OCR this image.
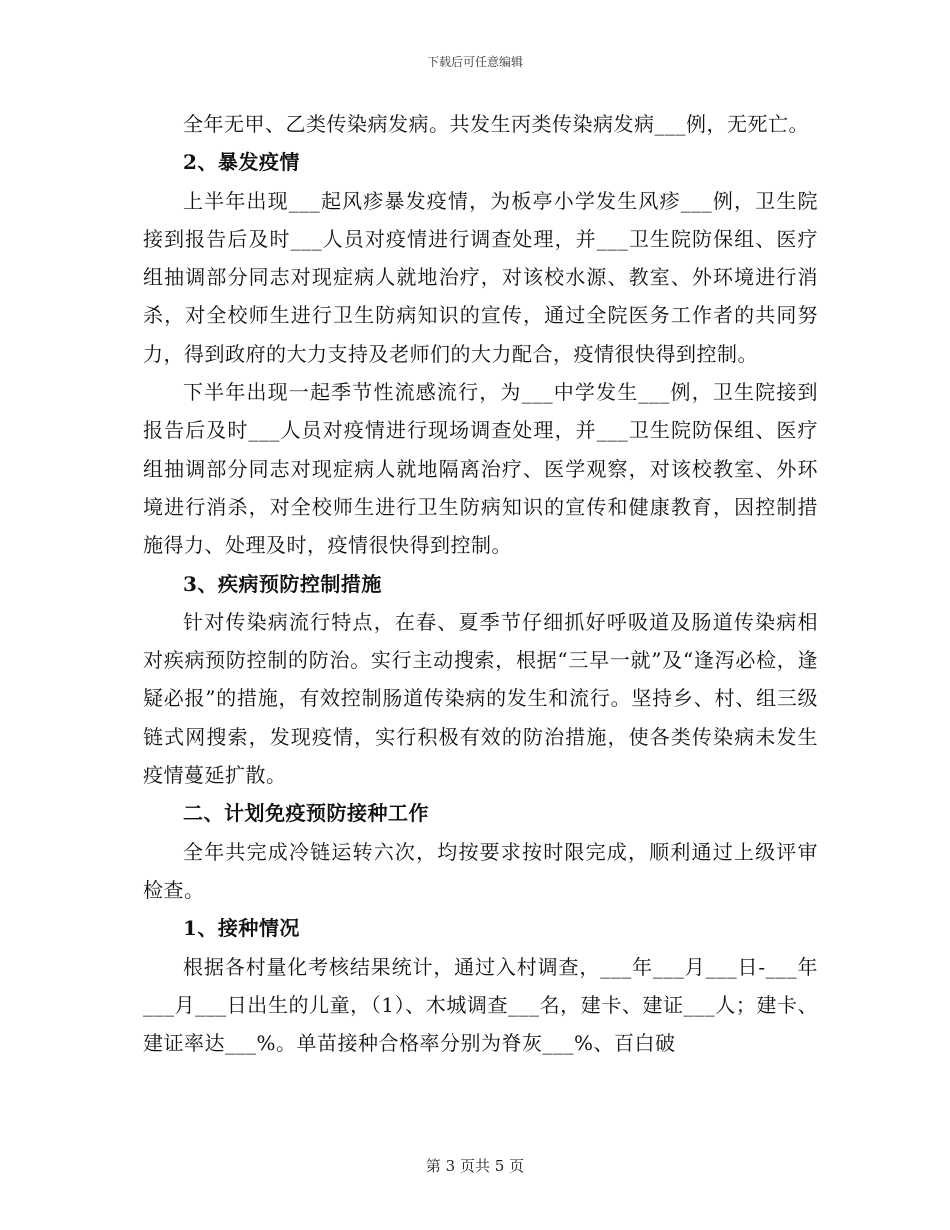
下载后可任意编辑

全年无甲、乙类传染病发病。共发生丙类传染病发病___例，无死亡。

2、暴发疫情

上半年出现___起风疹暴发疫情，为板亭小学发生风疹___例，卫生院接到报告后及时___人员对疫情进行调查处理，并___卫生院防保组、医疗组抽调部分同志对现症病人就地治疗，对该校水源、教室、外环境进行消杀，对全校师生进行卫生防病知识的宣传，通过全院医务工作者的共同努力，得到政府的大力支持及老师们的大力配合，疫情很快得到控制。

下半年出现一起季节性流感流行，为___中学发生___例，卫生院接到报告后及时___人员对疫情进行现场调查处理，并___卫生院防保组、医疗组抽调部分同志对现症病人就地隔离治疗、医学观察，对该校教室、外环境进行消杀，对全校师生进行卫生防病知识的宣传和健康教育，因控制措施得力、处理及时，疫情很快得到控制。

3、疾病预防控制措施

针对传染病流行特点，在春、夏季节仔细抓好呼吸道及肠道传染病相对疾病预防控制的防治。实行主动搜索，根据“三早一就”及“逢泻必检，逢疑必报”的措施，有效控制肠道传染病的发生和流行。坚持乡、村、组三级链式网搜索，发现疫情，实行积极有效的防治措施，使各类传染病未发生疫情蔓延扩散。

二、计划免疫预防接种工作

全年共完成冷链运转六次，均按要求按时限完成，顺利通过上级评审检查。

1、接种情况

根据各村量化考核结果统计，通过入村调查，___年___月___日-___年___月___日出生的儿童，（1）、木城调查___名，建卡、建证___人；建卡、建证率达___%。单苗接种合格率分别为脊灰___%、百白破

第 3 页共 5 页
